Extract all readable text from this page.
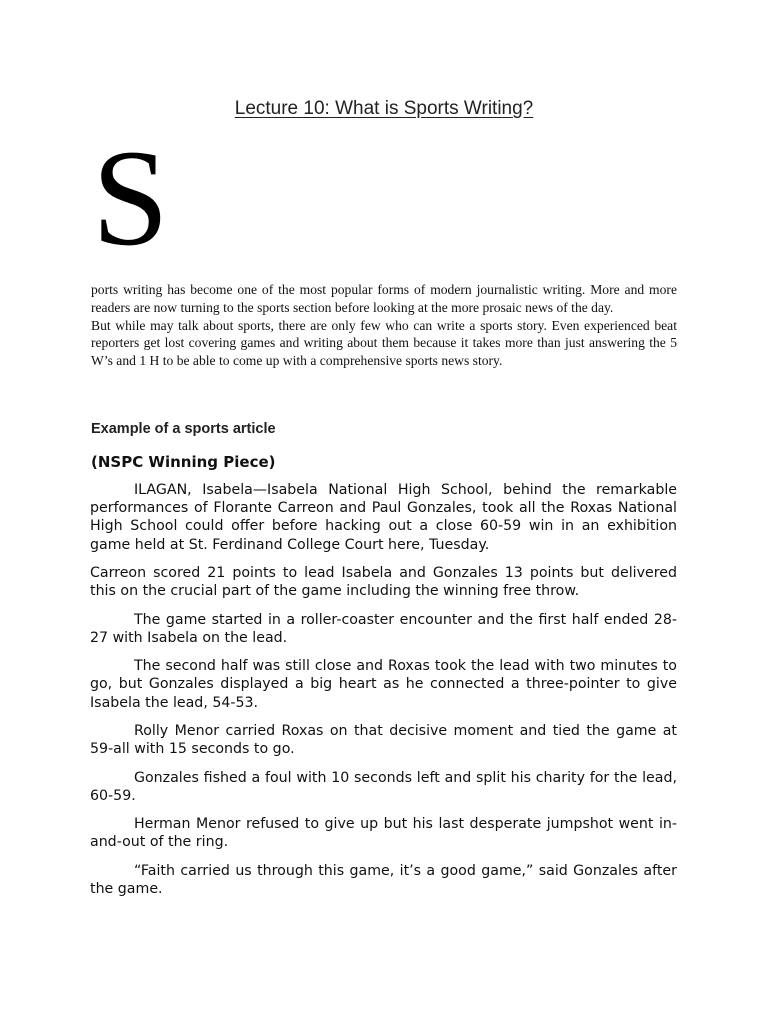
Lecture 10: What is Sports Writing?
S

ports writing has become one of the most popular forms of modern journalistic writing. More and more readers are now turning to the sports section before looking at the more prosaic news of the day.

But while may talk about sports, there are only few who can write a sports story. Even experienced beat reporters get lost covering games and writing about them because it takes more than just answering the 5 W’s and 1 H to be able to come up with a comprehensive sports news story.

Example of a sports article
(NSPC Winning Piece)

ILAGAN, Isabela—Isabela National High School, behind the remarkable performances of Florante Carreon and Paul Gonzales, took all the Roxas National High School could offer before hacking out a close 60-59 win in an exhibition game held at St. Ferdinand College Court here, Tuesday.

Carreon scored 21 points to lead Isabela and Gonzales 13 points but delivered this on the crucial part of the game including the winning free throw.

The game started in a roller-coaster encounter and the first half ended 28-27 with Isabela on the lead.

The second half was still close and Roxas took the lead with two minutes to go, but Gonzales displayed a big heart as he connected a three-pointer to give Isabela the lead, 54-53.

Rolly Menor carried Roxas on that decisive moment and tied the game at 59-all with 15 seconds to go.

Gonzales fished a foul with 10 seconds left and split his charity for the lead, 60-59.

Herman Menor refused to give up but his last desperate jumpshot went in-and-out of the ring.

“Faith carried us through this game, it’s a good game,” said Gonzales after the game.
